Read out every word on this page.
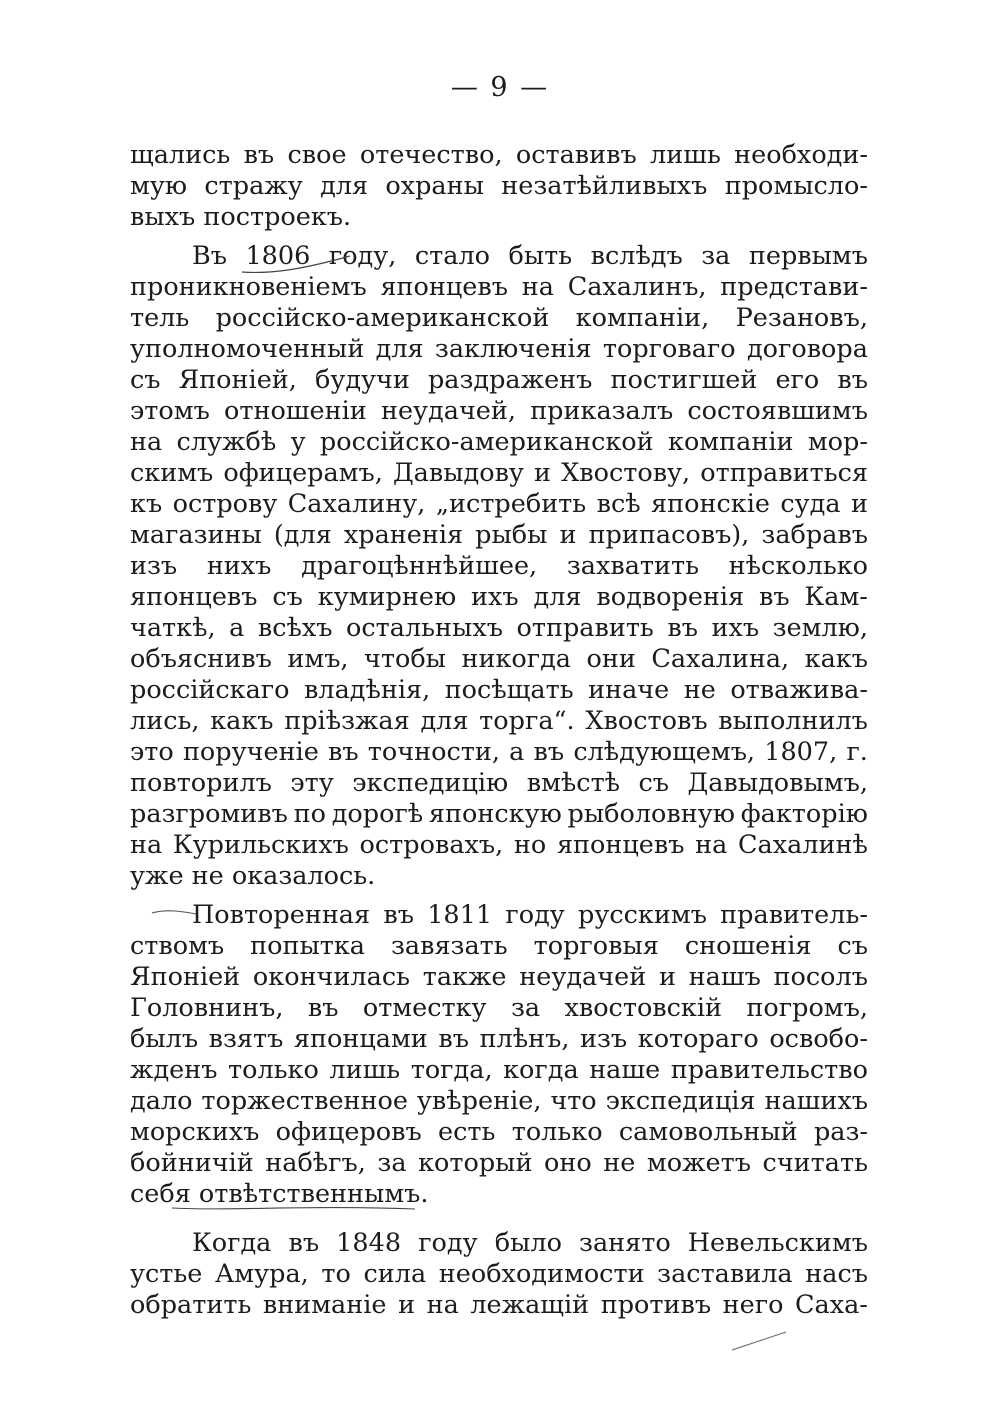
— 9 —
щались въ свое отечество, оставивъ лишь необходи-
мую стражу для охраны незатѣйливыхъ промысло-
выхъ построекъ.
Въ 1806 году, стало быть вслѣдъ за первымъ
проникновеніемъ японцевъ на Сахалинъ, представи-
тель россійско-американской компаніи, Резановъ,
уполномоченный для заключенія торговаго договора
съ Японіей, будучи раздраженъ постигшей его въ
этомъ отношеніи неудачей, приказалъ состоявшимъ
на службѣ у россійско-американской компаніи мор-
скимъ офицерамъ, Давыдову и Хвостову, отправиться
къ острову Сахалину, „истребить всѣ японскіе суда и
магазины (для храненія рыбы и припасовъ), забравъ
изъ нихъ драгоцѣннѣйшее, захватить нѣсколько
японцевъ съ кумирнею ихъ для водворенія въ Кам-
чаткѣ, а всѣхъ остальныхъ отправить въ ихъ землю,
объяснивъ имъ, чтобы никогда они Сахалина, какъ
россійскаго владѣнія, посѣщать иначе не отважива-
лись, какъ пріѣзжая для торга“. Хвостовъ выполнилъ
это порученіе въ точности, а въ слѣдующемъ, 1807, г.
повторилъ эту экспедицію вмѣстѣ съ Давыдовымъ,
разгромивъ по дорогѣ японскую рыболовную факторію
на Курильскихъ островахъ, но японцевъ на Сахалинѣ
уже не оказалось.
Повторенная въ 1811 году русскимъ правитель-
ствомъ попытка завязать торговыя сношенія съ
Японіей окончилась также неудачей и нашъ посолъ
Головнинъ, въ отместку за хвостовскій погромъ,
былъ взятъ японцами въ плѣнъ, изъ котораго освобо-
жденъ только лишь тогда, когда наше правительство
дало торжественное увѣреніе, что экспедиція нашихъ
морскихъ офицеровъ есть только самовольный раз-
бойничій набѣгъ, за который оно не можетъ считать
себя отвѣтственнымъ.
Когда въ 1848 году было занято Невельскимъ
устье Амура, то сила необходимости заставила насъ
обратить вниманіе и на лежащій противъ него Саха-
